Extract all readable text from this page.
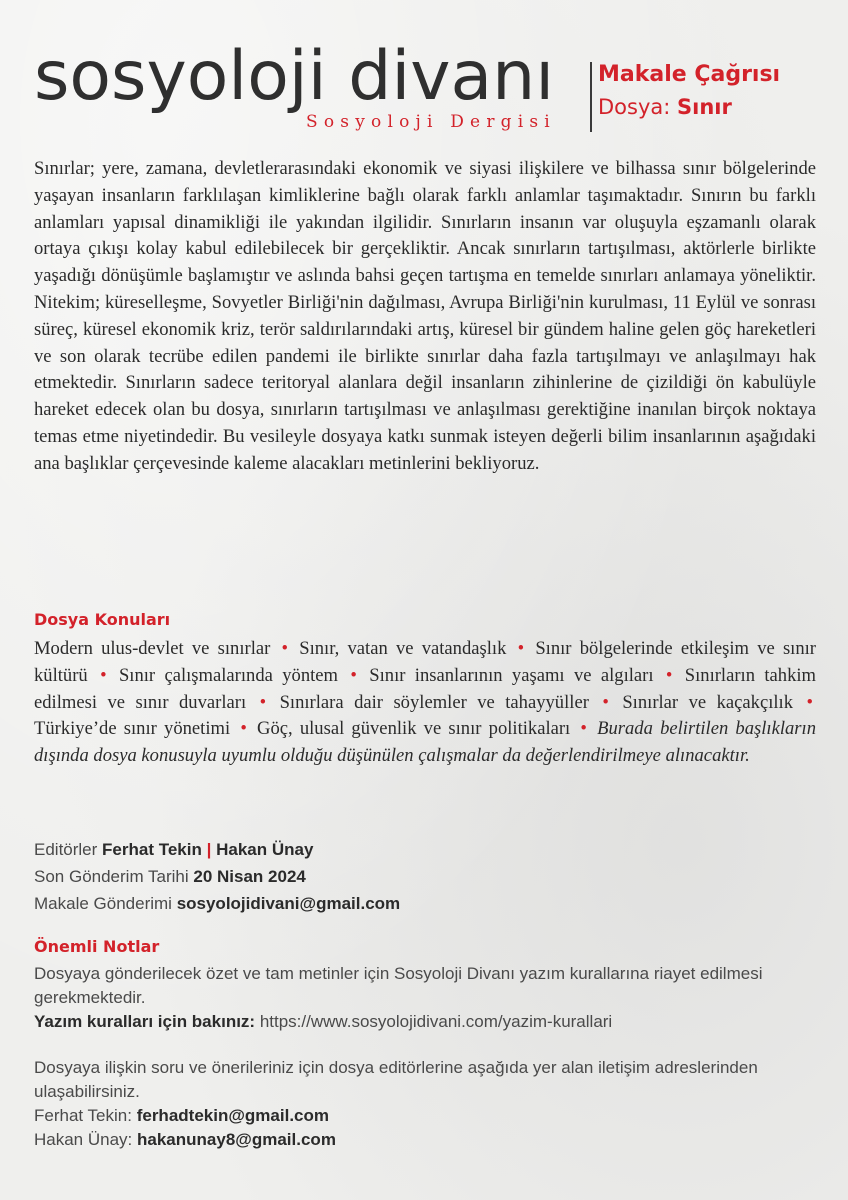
sosyoloji divanı
Sosyoloji Dergisi
Makale Çağrısı
Dosya: Sınır

Sınırlar; yere, zamana, devletlerarasındaki ekonomik ve siyasi ilişkilere ve bilhassa sınır bölgelerinde yaşayan insanların farklılaşan kimliklerine bağlı olarak farklı anlamlar taşımaktadır. Sınırın bu farklı anlamları yapısal dinamikliği ile yakından ilgilidir. Sınırların insanın var oluşuyla eşzamanlı olarak ortaya çıkışı kolay kabul edilebilecek bir gerçekliktir. Ancak sınırların tartışılması, aktörlerle birlikte yaşadığı dönüşümle başlamıştır ve aslında bahsi geçen tartışma en temelde sınırları anlamaya yöneliktir. Nitekim; küreselleşme, Sovyetler Birliği'nin dağılması, Avrupa Birliği'nin kurulması, 11 Eylül ve sonrası süreç, küresel ekonomik kriz, terör saldırılarındaki artış, küresel bir gündem haline gelen göç hareketleri ve son olarak tecrübe edilen pandemi ile birlikte sınırlar daha fazla tartışılmayı ve anlaşılmayı hak etmektedir. Sınırların sadece teritoryal alanlara değil insanların zihinlerine de çizildiği ön kabulüyle hareket edecek olan bu dosya, sınırların tartışılması ve anlaşılması gerektiğine inanılan birçok noktaya temas etme niyetindedir. Bu vesileyle dosyaya katkı sunmak isteyen değerli bilim insanlarının aşağıdaki ana başlıklar çerçevesinde kaleme alacakları metinlerini bekliyoruz.

Dosya Konuları

Modern ulus-devlet ve sınırlar • Sınır, vatan ve vatandaşlık • Sınır bölgelerinde etkileşim ve sınır kültürü • Sınır çalışmalarında yöntem • Sınır insanlarının yaşamı ve algıları • Sınırların tahkim edilmesi ve sınır duvarları • Sınırlara dair söylemler ve tahayyüller • Sınırlar ve kaçakçılık • Türkiye’de sınır yönetimi • Göç, ulusal güvenlik ve sınır politikaları • Burada belirtilen başlıkların dışında dosya konusuyla uyumlu olduğu düşünülen çalışmalar da değerlendirilmeye alınacaktır.

Editörler Ferhat Tekin | Hakan Ünay
Son Gönderim Tarihi 20 Nisan 2024
Makale Gönderimi sosyolojidivani@gmail.com
Önemli Notlar

Dosyaya gönderilecek özet ve tam metinler için Sosyoloji Divanı yazım kurallarına riayet edilmesi gerekmektedir.

Yazım kuralları için bakınız: https://www.sosyolojidivani.com/yazim-kurallari

Dosyaya ilişkin soru ve önerileriniz için dosya editörlerine aşağıda yer alan iletişim adreslerinden ulaşabilirsiniz.

Ferhat Tekin: ferhadtekin@gmail.com

Hakan Ünay: hakanunay8@gmail.com
